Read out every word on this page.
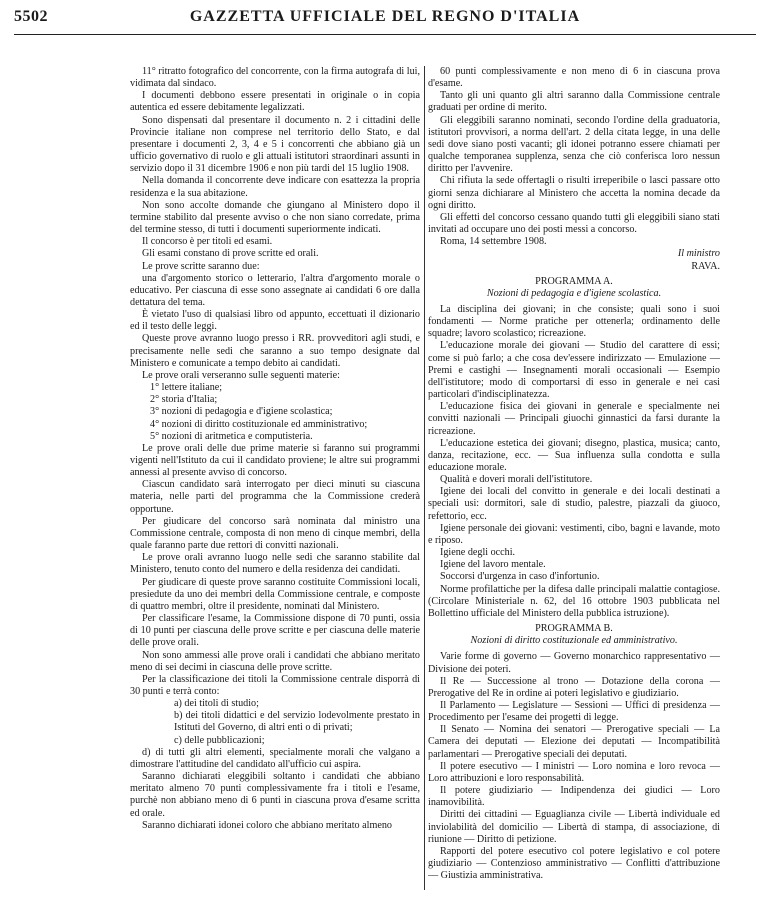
5502	GAZZETTA UFFICIALE DEL REGNO D'ITALIA

11° ritratto fotografico del concorrente, con la firma autografa di lui, vidimata dal sindaco.

I documenti debbono essere presentati in originale o in copia autentica ed essere debitamente legalizzati.

Sono dispensati dal presentare il documento n. 2 i cittadini delle Provincie italiane non comprese nel territorio dello Stato, e dal presentare i documenti 2, 3, 4 e 5 i concorrenti che abbiano già un ufficio governativo di ruolo e gli attuali istitutori straordinari assunti in servizio dopo il 31 dicembre 1906 e non più tardi del 15 luglio 1908.

Nella domanda il concorrente deve indicare con esattezza la propria residenza e la sua abitazione.

Non sono accolte domande che giungano al Ministero dopo il termine stabilito dal presente avviso o che non siano corredate, prima del termine stesso, di tutti i documenti superiormente indicati.

Il concorso è per titoli ed esami.

Gli esami constano di prove scritte ed orali.

Le prove scritte saranno due:

una d'argomento storico o letterario, l'altra d'argomento morale o educativo. Per ciascuna di esse sono assegnate ai candidati 6 ore dalla dettatura del tema.

È vietato l'uso di qualsiasi libro od appunto, eccettuati il dizionario ed il testo delle leggi.

Queste prove avranno luogo presso i RR. provveditori agli studi, e precisamente nelle sedi che saranno a suo tempo designate dal Ministero e comunicate a tempo debito ai candidati.

Le prove orali verseranno sulle seguenti materie:

1° lettere italiane;

2° storia d'Italia;

3° nozioni di pedagogia e d'igiene scolastica;

4° nozioni di diritto costituzionale ed amministrativo;

5° nozioni di aritmetica e computisteria.

Le prove orali delle due prime materie si faranno sui programmi vigenti nell'Istituto da cui il candidato proviene; le altre sui programmi annessi al presente avviso di concorso.

Ciascun candidato sarà interrogato per dieci minuti su ciascuna materia, nelle parti del programma che la Commissione crederà opportune.

Per giudicare del concorso sarà nominata dal ministro una Commissione centrale, composta di non meno di cinque membri, della quale faranno parte due rettori di convitti nazionali.

Le prove orali avranno luogo nelle sedi che saranno stabilite dal Ministero, tenuto conto del numero e della residenza dei candidati.

Per giudicare di queste prove saranno costituite Commissioni locali, presiedute da uno dei membri della Commissione centrale, e composte di quattro membri, oltre il presidente, nominati dal Ministero.

Per classificare l'esame, la Commissione dispone di 70 punti, ossia di 10 punti per ciascuna delle prove scritte e per ciascuna delle materie delle prove orali.

Non sono ammessi alle prove orali i candidati che abbiano meritato meno di sei decimi in ciascuna delle prove scritte.

Per la classificazione dei titoli la Commissione centrale disporrà di 30 punti e terrà conto:

a) dei titoli di studio;

b) dei titoli didattici e del servizio lodevolmente prestato in Istituti del Governo, di altri enti o di privati;

c) delle pubblicazioni;

d) di tutti gli altri elementi, specialmente morali che valgano a dimostrare l'attitudine del candidato all'ufficio cui aspira.

Saranno dichiarati eleggibili soltanto i candidati che abbiano meritato almeno 70 punti complessivamente fra i titoli e l'esame, purchè non abbiano meno di 6 punti in ciascuna prova d'esame scritta ed orale.

Saranno dichiarati idonei coloro che abbiano meritato almeno

60 punti complessivamente e non meno di 6 in ciascuna prova d'esame.

Tanto gli uni quanto gli altri saranno dalla Commissione centrale graduati per ordine di merito.

Gli eleggibili saranno nominati, secondo l'ordine della graduatoria, istitutori provvisori, a norma dell'art. 2 della citata legge, in una delle sedi dove siano posti vacanti; gli idonei potranno essere chiamati per qualche temporanea supplenza, senza che ciò conferisca loro nessun diritto per l'avvenire.

Chi rifiuta la sede offertagli o risulti irreperibile o lasci passare otto giorni senza dichiarare al Ministero che accetta la nomina decade da ogni diritto.

Gli effetti del concorso cessano quando tutti gli eleggibili siano stati invitati ad occupare uno dei posti messi a concorso.

Roma, 14 settembre 1908.

Il ministro

RAVA.

PROGRAMMA A.

Nozioni di pedagogia e d'igiene scolastica.

La disciplina dei giovani; in che consiste; quali sono i suoi fondamenti — Norme pratiche per ottenerla; ordinamento delle squadre; lavoro scolastico; ricreazione.

L'educazione morale dei giovani — Studio del carattere di essi; come si può farlo; a che cosa dev'essere indirizzato — Emulazione — Premi e castighi — Insegnamenti morali occasionali — Esempio dell'istitutore; modo di comportarsi di esso in generale e nei casi particolari d'indisciplinatezza.

L'educazione fisica dei giovani in generale e specialmente nei convitti nazionali — Principali giuochi ginnastici da farsi durante la ricreazione.

L'educazione estetica dei giovani; disegno, plastica, musica; canto, danza, recitazione, ecc. — Sua influenza sulla condotta e sulla educazione morale.

Qualità e doveri morali dell'istitutore.

Igiene dei locali del convitto in generale e dei locali destinati a speciali usi: dormitori, sale di studio, palestre, piazzali da giuoco, refettorio, ecc.

Igiene personale dei giovani: vestimenti, cibo, bagni e lavande, moto e riposo.

Igiene degli occhi.

Igiene del lavoro mentale.

Soccorsi d'urgenza in caso d'infortunio.

Norme profilattiche per la difesa dalle principali malattie contagiose. (Circolare Ministeriale n. 62, del 16 ottobre 1903 pubblicata nel Bollettino ufficiale del Ministero della pubblica istruzione).

PROGRAMMA B.

Nozioni di diritto costituzionale ed amministrativo.

Varie forme di governo — Governo monarchico rappresentativo — Divisione dei poteri.

Il Re — Successione al trono — Dotazione della corona — Prerogative del Re in ordine ai poteri legislativo e giudiziario.

Il Parlamento — Legislature — Sessioni — Uffici di presidenza — Procedimento per l'esame dei progetti di legge.

Il Senato — Nomina dei senatori — Prerogative speciali — La Camera dei deputati — Elezione dei deputati — Incompatibilità parlamentari — Prerogative speciali dei deputati.

Il potere esecutivo — I ministri — Loro nomina e loro revoca — Loro attribuzioni e loro responsabilità.

Il potere giudiziario — Indipendenza dei giudici — Loro inamovibilità.

Diritti dei cittadini — Eguaglianza civile — Libertà individuale ed inviolabilità del domicilio — Libertà di stampa, di associazione, di riunione — Diritto di petizione.

Rapporti del potere esecutivo col potere legislativo e col potere giudiziario — Contenzioso amministrativo — Conflitti d'attribuzione — Giustizia amministrativa.
